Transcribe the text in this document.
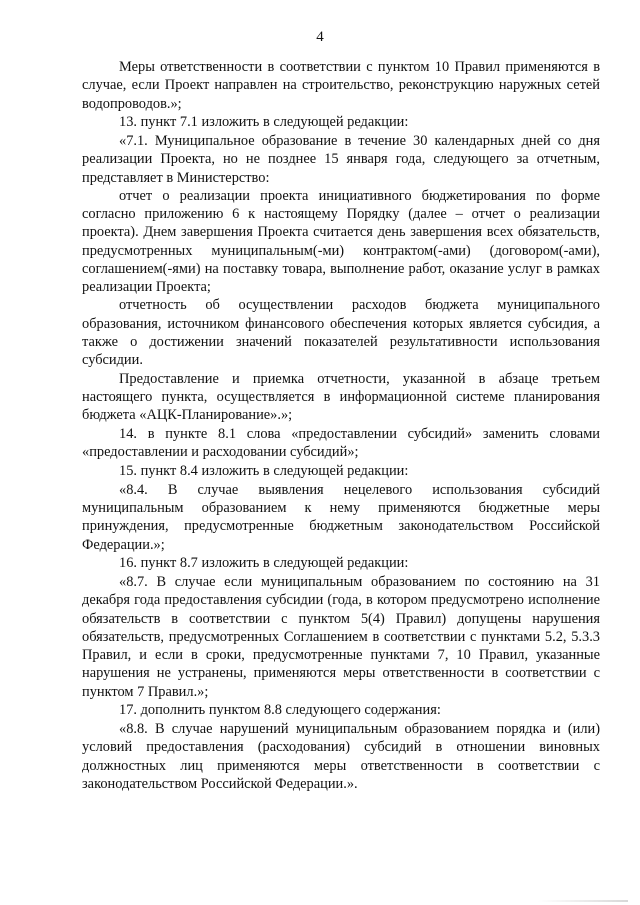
4

Меры ответственности в соответствии с пунктом 10 Правил применяются в случае, если Проект направлен на строительство, реконструкцию наружных сетей водопроводов.»;

13. пункт 7.1 изложить в следующей редакции:

«7.1. Муниципальное образование в течение 30 календарных дней со дня реализации Проекта, но не позднее 15 января года, следующего за отчетным, представляет в Министерство:

отчет о реализации проекта инициативного бюджетирования по форме согласно приложению 6 к настоящему Порядку (далее – отчет о реализации проекта). Днем завершения Проекта считается день завершения всех обязательств, предусмотренных муниципальным(-ми) контрактом(-ами) (договором(-ами), соглашением(-ями) на поставку товара, выполнение работ, оказание услуг в рамках реализации Проекта;

отчетность об осуществлении расходов бюджета муниципального образования, источником финансового обеспечения которых является субсидия, а также о достижении значений показателей результативности использования субсидии.

Предоставление и приемка отчетности, указанной в абзаце третьем настоящего пункта, осуществляется в информационной системе планирования бюджета «АЦК-Планирование».»;

14. в пункте 8.1 слова «предоставлении субсидий» заменить словами «предоставлении и расходовании субсидий»;

15. пункт 8.4 изложить в следующей редакции:

«8.4. В случае выявления нецелевого использования субсидий муниципальным образованием к нему применяются бюджетные меры принуждения, предусмотренные бюджетным законодательством Российской Федерации.»;

16. пункт 8.7 изложить в следующей редакции:

«8.7. В случае если муниципальным образованием по состоянию на 31 декабря года предоставления субсидии (года, в котором предусмотрено исполнение обязательств в соответствии с пунктом 5(4) Правил) допущены нарушения обязательств, предусмотренных Соглашением в соответствии с пунктами 5.2, 5.3.3 Правил, и если в сроки, предусмотренные пунктами 7, 10 Правил, указанные нарушения не устранены, применяются меры ответственности в соответствии с пунктом 7 Правил.»;

17. дополнить пунктом 8.8 следующего содержания:

«8.8. В случае нарушений муниципальным образованием порядка и (или) условий предоставления (расходования) субсидий в отношении виновных должностных лиц применяются меры ответственности в соответствии с законодательством Российской Федерации.».
